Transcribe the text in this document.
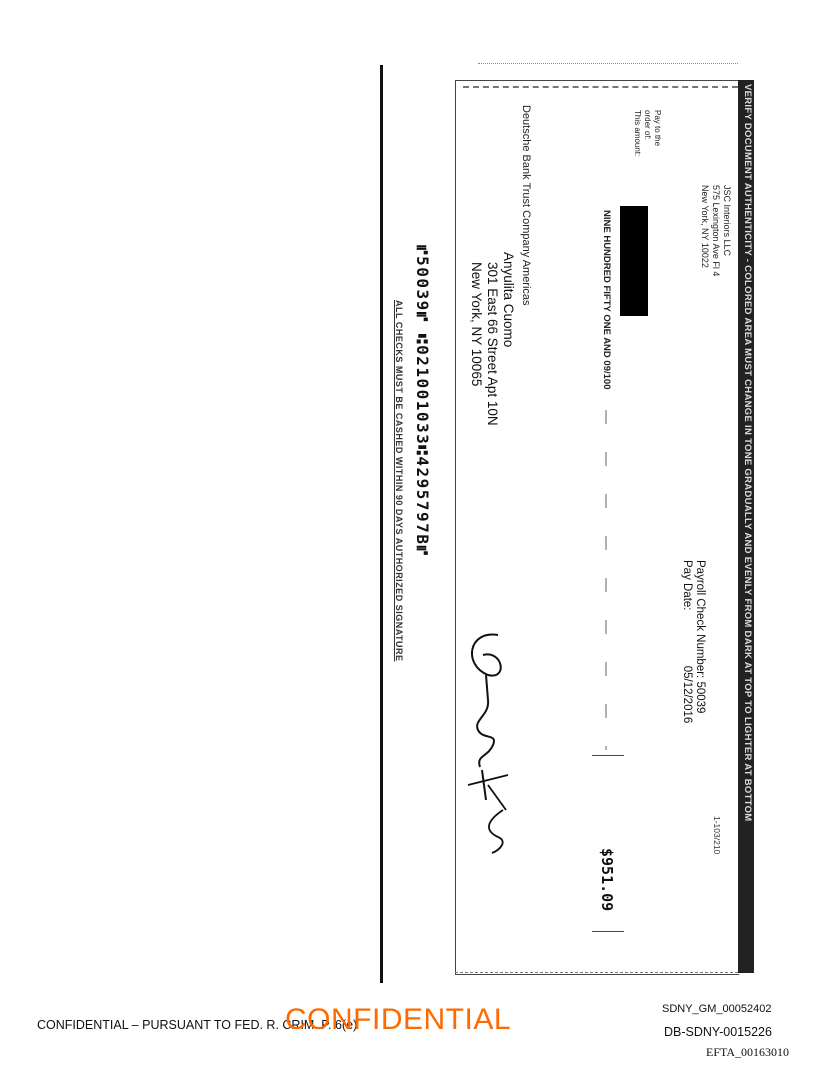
VERIFY DOCUMENT AUTHENTICITY - COLORED AREA MUST CHANGE IN TONE GRADUALLY AND EVENLY FROM DARK AT TOP TO LIGHTER AT BOTTOM
JSC Interiors LLC
575 Lexington Ave Fl 4
New York, NY 10022
Pay to the
order of:
This amount:
NINE HUNDRED FIFTY ONE AND 09/100
Deutsche Bank Trust Company Americas
Anyulita Cuomo
301 East 66 Street Apt 10N
New York, NY 10065
Payroll Check Number: 50039
Pay Date: 05/12/2016
1-103/210
$951.09
⑈50039⑈ ⑆021001033⑆4295797B⑈
ALL CHECKS MUST BE CASHED WITHIN 90 DAYS AUTHORIZED SIGNATURE
CONFIDENTIAL – PURSUANT TO FED. R. CRIM. P. 6(e)
CONFIDENTIAL	SDNY_GM_00052402
DB-SDNY-0015226
EFTA_00163010
